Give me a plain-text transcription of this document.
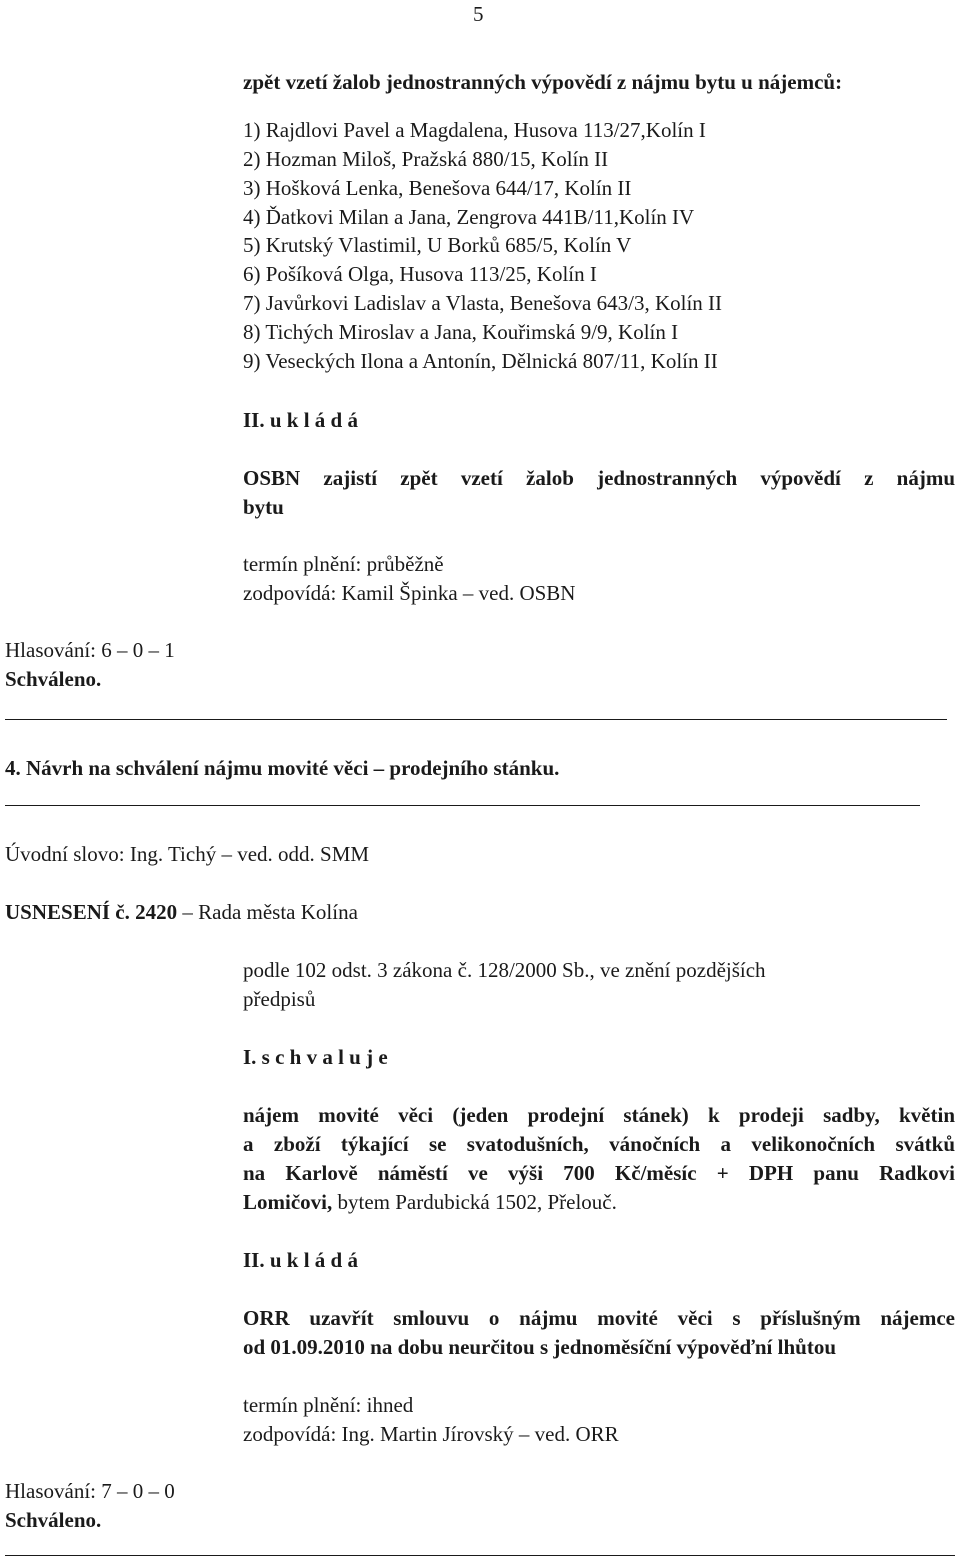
5
zpět vzetí žalob jednostranných výpovědí z nájmu bytu u nájemců:
1) Rajdlovi Pavel a Magdalena, Husova 113/27,Kolín I
2) Hozman Miloš, Pražská 880/15, Kolín II
3) Hošková Lenka, Benešova 644/17, Kolín II
4) Ďatkovi Milan a Jana, Zengrova 441B/11,Kolín IV
5) Krutský Vlastimil, U Borků 685/5, Kolín V
6) Pošíková Olga, Husova 113/25, Kolín I
7) Javůrkovi Ladislav a Vlasta, Benešova 643/3, Kolín II
8) Tichých Miroslav a Jana, Kouřimská 9/9, Kolín I
9) Veseckých Ilona a Antonín, Dělnická 807/11, Kolín II
II. u k l á d á
OSBN zajistí zpět vzetí žalob jednostranných výpovědí z nájmu
bytu
termín plnění: průběžně
zodpovídá: Kamil Špinka – ved. OSBN
Hlasování: 6 – 0 – 1
Schváleno.
4. Návrh na schválení nájmu movité věci – prodejního stánku.
Úvodní slovo: Ing. Tichý – ved. odd. SMM
USNESENÍ č. 2420 – Rada města Kolína
podle 102 odst. 3 zákona č. 128/2000 Sb., ve znění pozdějších
předpisů
I. s c h v a l u j e
nájem movité věci (jeden prodejní stánek) k prodeji sadby, květin
a zboží týkající se svatodušních, vánočních a velikonočních svátků
na Karlově náměstí ve výši 700 Kč/měsíc + DPH panu Radkovi
Lomičovi, bytem Pardubická 1502, Přelouč.
II. u k l á d á
ORR uzavřít smlouvu o nájmu movité věci s příslušným nájemce
od 01.09.2010 na dobu neurčitou s jednoměsíční výpověďní lhůtou
termín plnění: ihned
zodpovídá: Ing. Martin Jírovský – ved. ORR
Hlasování: 7 – 0 – 0
Schváleno.
